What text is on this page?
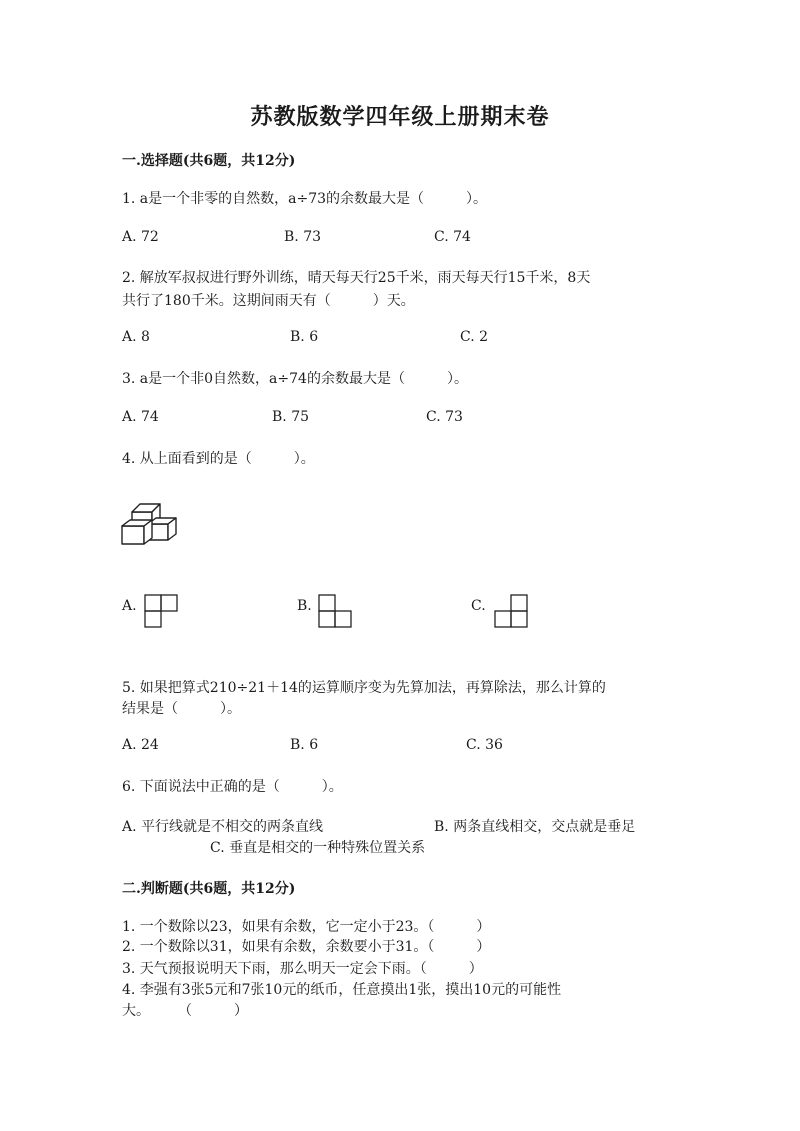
苏教版数学四年级上册期末卷
一.选择题(共6题，共12分)
1. a是一个非零的自然数，a÷73的余数最大是（　　　）。
A. 72	B. 73	C. 74
2. 解放军叔叔进行野外训练，晴天每天行25千米，雨天每天行15千米，8天
共行了180千米。这期间雨天有（　　　）天。
A. 8	B. 6	C. 2
3. a是一个非0自然数，a÷74的余数最大是（　　　）。
A. 74	B. 75	C. 73
4. 从上面看到的是（　　　）。
A.	B.	C.
5. 如果把算式210÷21＋14的运算顺序变为先算加法，再算除法，那么计算的
结果是（　　　）。
A. 24	B. 6	C. 36
6. 下面说法中正确的是（　　　）。
A. 平行线就是不相交的两条直线	B. 两条直线相交，交点就是垂足
C. 垂直是相交的一种特殊位置关系
二.判断题(共6题，共12分)
1. 一个数除以23，如果有余数，它一定小于23。（　　　）
2. 一个数除以31，如果有余数，余数要小于31。（　　　）
3. 天气预报说明天下雨，那么明天一定会下雨。（　　　）
4. 李强有3张5元和7张10元的纸币，任意摸出1张，摸出10元的可能性
大。　　　（　　　）
